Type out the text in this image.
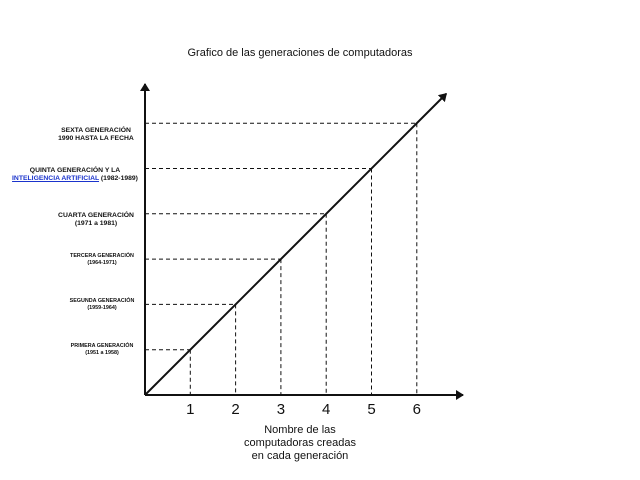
Grafico de las generaciones de computadoras
1 2 3 4 5 6
PRIMERA GENERACIÓN
(1951 a 1958)
SEGUNDA GENERACIÓN
(1959-1964)
TERCERA GENERACIÓN
(1964-1971)
CUARTA GENERACIÓN
(1971 a 1981)
QUINTA GENERACIÓN Y LA
INTELIGENCIA ARTIFICIAL (1982-1989)
SEXTA GENERACIÓN
1990 HASTA LA FECHA
Nombre de las
computadoras creadas
en cada generación
